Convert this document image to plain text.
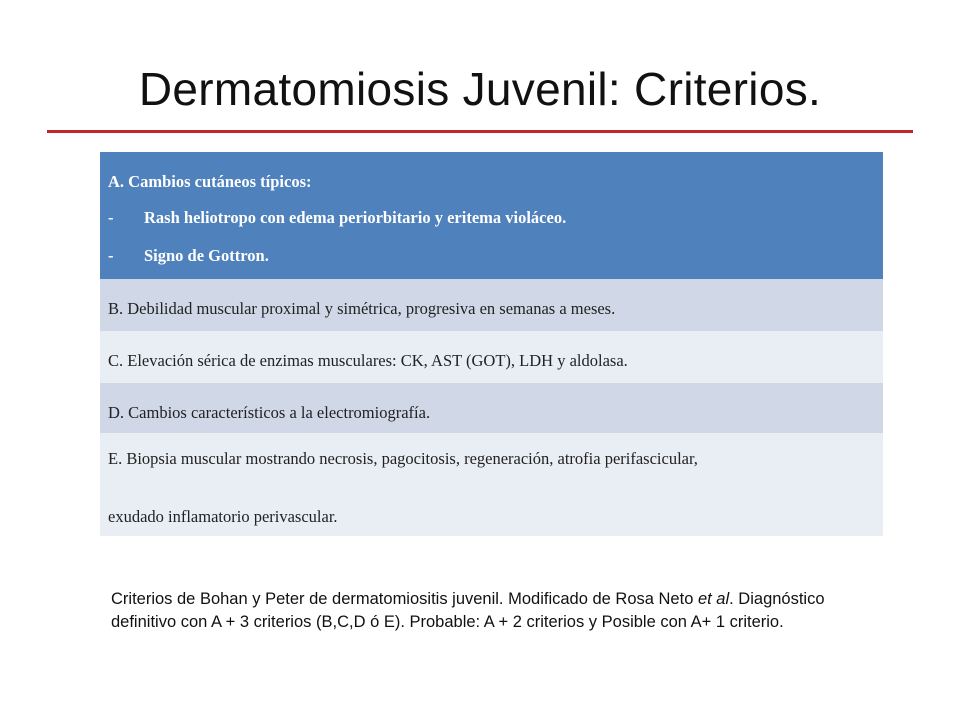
Dermatomiosis Juvenil: Criterios.
A. Cambios cutáneos típicos:
- Rash heliotropo con edema periorbitario y eritema violáceo.
- Signo de Gottron.
B. Debilidad muscular proximal y simétrica, progresiva en semanas a meses.
C. Elevación sérica de enzimas musculares: CK, AST (GOT), LDH y aldolasa.
D. Cambios característicos a la electromiografía.
E. Biopsia muscular mostrando necrosis, pagocitosis, regeneración, atrofia perifascicular,
exudado inflamatorio perivascular.
Criterios de Bohan y Peter de dermatomiositis juvenil. Modificado de Rosa Neto et al. Diagnóstico definitivo con A + 3 criterios (B,C,D ó E). Probable: A + 2 criterios y Posible con A+ 1 criterio.
